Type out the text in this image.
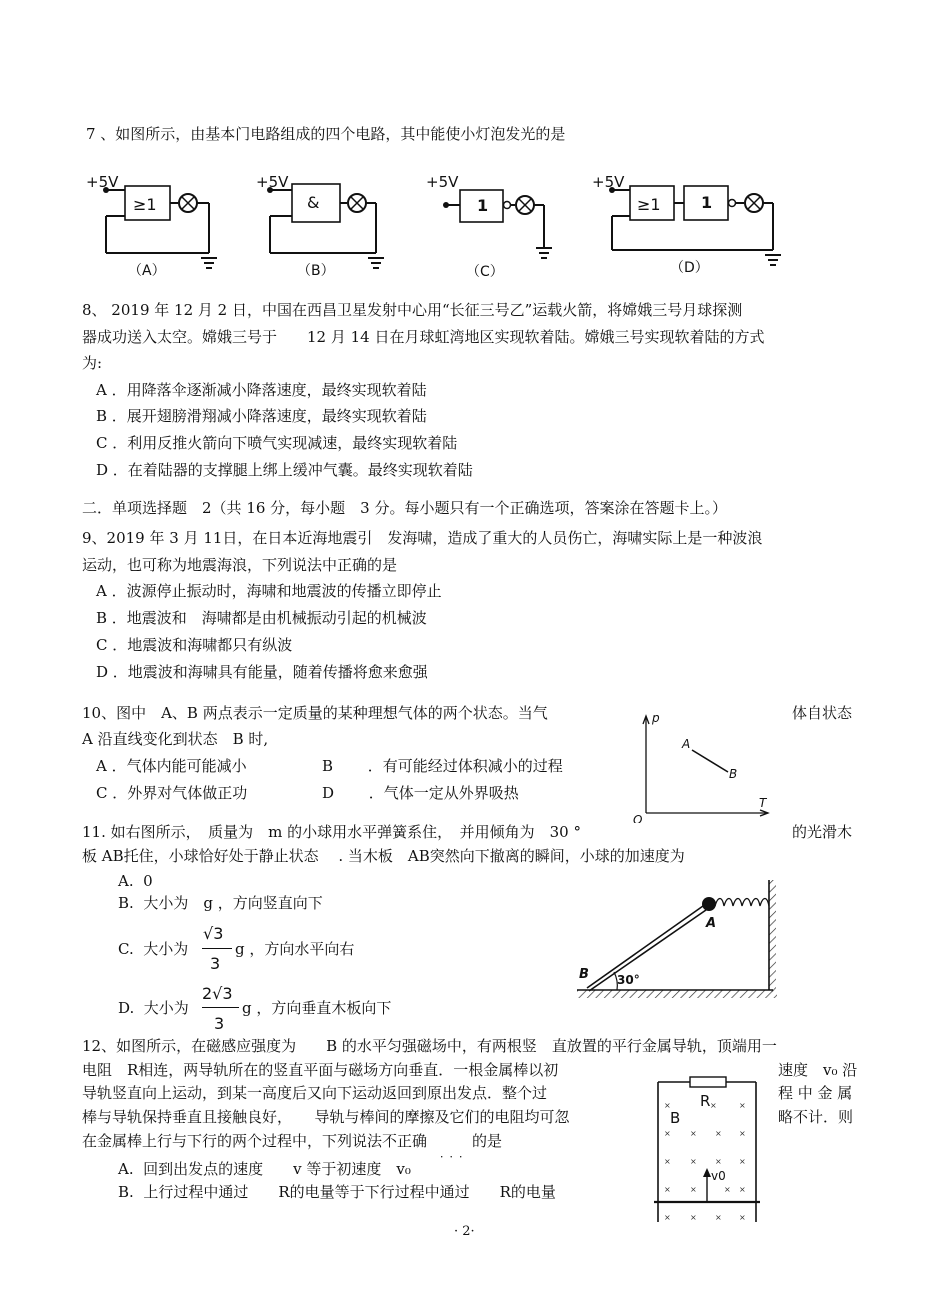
7 、如图所示，由基本门电路组成的四个电路，其中能使小灯泡发光的是
+5V	+5V	+5V	+5V
≥1	&	1	≥1	1
（A）	（B）	（C）	（D）
8、 2019 年 12 月 2 日，中国在西昌卫星发射中心用“长征三号乙”运载火箭，将嫦娥三号月球探测
器成功送入太空。嫦娥三号于　　12 月 14 日在月球虹湾地区实现软着陆。嫦娥三号实现软着陆的方式
为:
A ．用降落伞逐渐减小降落速度，最终实现软着陆
B ．展开翅膀滑翔减小降落速度，最终实现软着陆
C ．利用反推火箭向下喷气实现减速，最终实现软着陆
D ．在着陆器的支撑腿上绑上缓冲气囊。最终实现软着陆
二．单项选择题　2（共 16 分，每小题　3 分。每小题只有一个正确选项，答案涂在答题卡上。）
9、2019 年 3 月 11日，在日本近海地震引　发海啸，造成了重大的人员伤亡，海啸实际上是一种波浪
运动，也可称为地震海浪，下列说法中正确的是
A ．波源停止振动时，海啸和地震波的传播立即停止
B ．地震波和　海啸都是由机械振动引起的机械波
C ．地震波和海啸都只有纵波
D ．地震波和海啸具有能量，随着传播将愈来愈强
10、图中　A、B 两点表示一定质量的某种理想气体的两个状态。当气	体自状态
A 沿直线变化到状态　B 时,
A ．气体内能可能减小	B　　 ．有可能经过体积减小的过程
C ．外界对气体做正功	D　　 ．气体一定从外界吸热
p
T
O
A
B
11. 如右图所示，　质量为　m 的小球用水平弹簧系住，　并用倾角为　30 °	的光滑木
板 AB托住，小球恰好处于静止状态　 . 当木板　AB突然向下撤离的瞬间，小球的加速度为
A.  0
B.  大小为　g ，方向竖直向下
C.  大小为
√3
3
g ，方向水平向右
D.  大小为
2√3
3
g ，方向垂直木板向下
A
B 30°
12、如图所示，在磁感应强度为　　B 的水平匀强磁场中，有两根竖　直放置的平行金属导轨，顶端用一
电阻　R相连，两导轨所在的竖直平面与磁场方向垂直．一根金属棒以初	速度　v₀ 沿
导轨竖直向上运动，到某一高度后又向下运动返回到原出发点．整个过	程 中 金 属
棒与导轨保持垂直且接触良好，　　导轨与棒间的摩擦及它们的电阻均可忽	略不计．则
在金属棒上行与下行的两个过程中，下列说法不正确　　　的是
．．．
A.  回到出发点的速度　　v 等于初速度　v₀
B.  上行过程中通过　　R的电量等于下行过程中通过　　R的电量
×	×	×
× × × ×
× × × ×
× ×	× ×
× × × ×
R
B
v0
· 2·
